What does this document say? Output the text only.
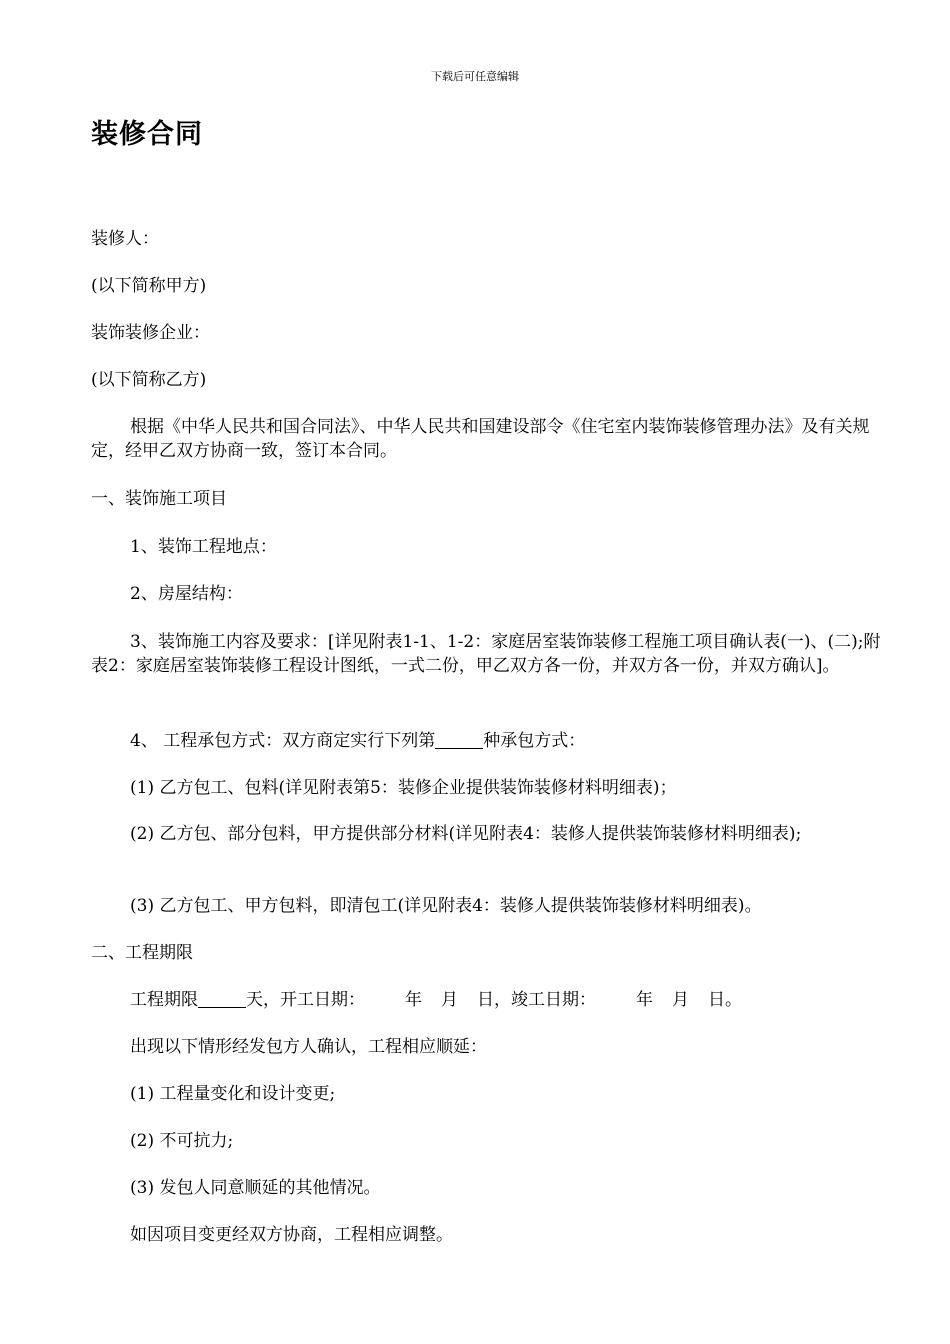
下载后可任意编辑
装修合同
装修人：
(以下简称甲方)
装饰装修企业：
(以下简称乙方)
根据《中华人民共和国合同法》、中华人民共和国建设部令《住宅室内装饰装修管理办法》及有关规定，经甲乙双方协商一致，签订本合同。
一、装饰施工项目
1、装饰工程地点：
2、房屋结构：
3、装饰施工内容及要求：[详见附表1-1、1-2：家庭居室装饰装修工程施工项目确认表(一)、(二);附表2：家庭居室装饰装修工程设计图纸，一式二份，甲乙双方各一份，并双方各一份，并双方确认]。
4、 工程承包方式：双方商定实行下列第	种承包方式：
(1) 乙方包工、包料(详见附表第5：装修企业提供装饰装修材料明细表)；
(2) 乙方包、部分包料，甲方提供部分材料(详见附表4：装修人提供装饰装修材料明细表);
(3) 乙方包工、甲方包料，即清包工(详见附表4：装修人提供装饰装修材料明细表)。
二、工程期限
工程期限	天，开工日期： 年 月 日，竣工日期： 年 月 日。
出现以下情形经发包方人确认，工程相应顺延：
(1) 工程量变化和设计变更;
(2) 不可抗力;
(3) 发包人同意顺延的其他情况。
如因项目变更经双方协商，工程相应调整。
